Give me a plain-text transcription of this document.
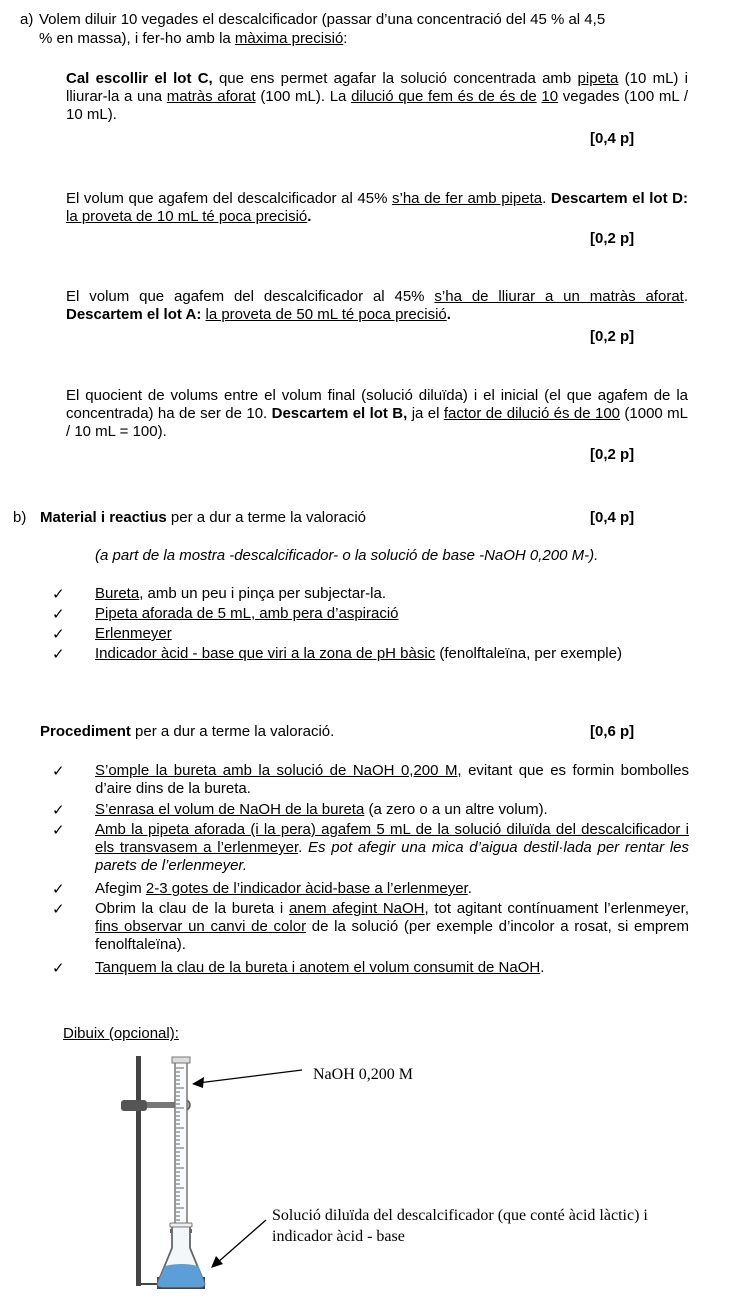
a) Volem diluir 10 vegades el descalcificador (passar d’una concentració del 45 % al 4,5
% en massa), i fer-ho amb la màxima precisió:
Cal escollir el lot C, que ens permet agafar la solució concentrada amb pipeta (10 mL) i lliurar-la a una matràs aforat (100 mL). La dilució que fem és de és de 10 vegades (100 mL / 10 mL).
[0,4 p]
El volum que agafem del descalcificador al 45% s’ha de fer amb pipeta. Descartem el lot D: la proveta de 10 mL té poca precisió.
[0,2 p]
El volum que agafem del descalcificador al 45% s’ha de lliurar a un matràs aforat. Descartem el lot A: la proveta de 50 mL té poca precisió.
[0,2 p]
El quocient de volums entre el volum final (solució diluïda) i el inicial (el que agafem de la concentrada) ha de ser de 10. Descartem el lot B, ja el factor de dilució és de 100 (1000 mL / 10 mL = 100).
[0,2 p]
b) Material i reactius per a dur a terme la valoració	[0,4 p]
(a part de la mostra -descalcificador- o la solució de base -NaOH 0,200 M-).
✓ Bureta, amb un peu i pinça per subjectar-la.
✓ Pipeta aforada de 5 mL, amb pera d’aspiració
✓ Erlenmeyer
✓ Indicador àcid - base que viri a la zona de pH bàsic (fenolftaleïna, per exemple)
Procediment per a dur a terme la valoració.	[0,6 p]
✓ S’omple la bureta amb la solució de NaOH 0,200 M, evitant que es formin bombolles d’aire dins de la bureta.
✓ S’enrasa el volum de NaOH de la bureta (a zero o a un altre volum).
✓ Amb la pipeta aforada (i la pera) agafem 5 mL de la solució diluïda del descalcificador i els transvasem a l’erlenmeyer. Es pot afegir una mica d’aigua destil·lada per rentar les parets de l’erlenmeyer.
✓ Afegim 2-3 gotes de l’indicador àcid-base a l’erlenmeyer.
✓ Obrim la clau de la bureta i anem afegint NaOH, tot agitant contínuament l’erlenmeyer, fins observar un canvi de color de la solució (per exemple d’incolor a rosat, si emprem fenolftaleïna).
✓ Tanquem la clau de la bureta i anotem el volum consumit de NaOH.
Dibuix (opcional):
NaOH 0,200 M
Solució diluïda del descalcificador (que conté àcid làctic) i
indicador àcid - base
